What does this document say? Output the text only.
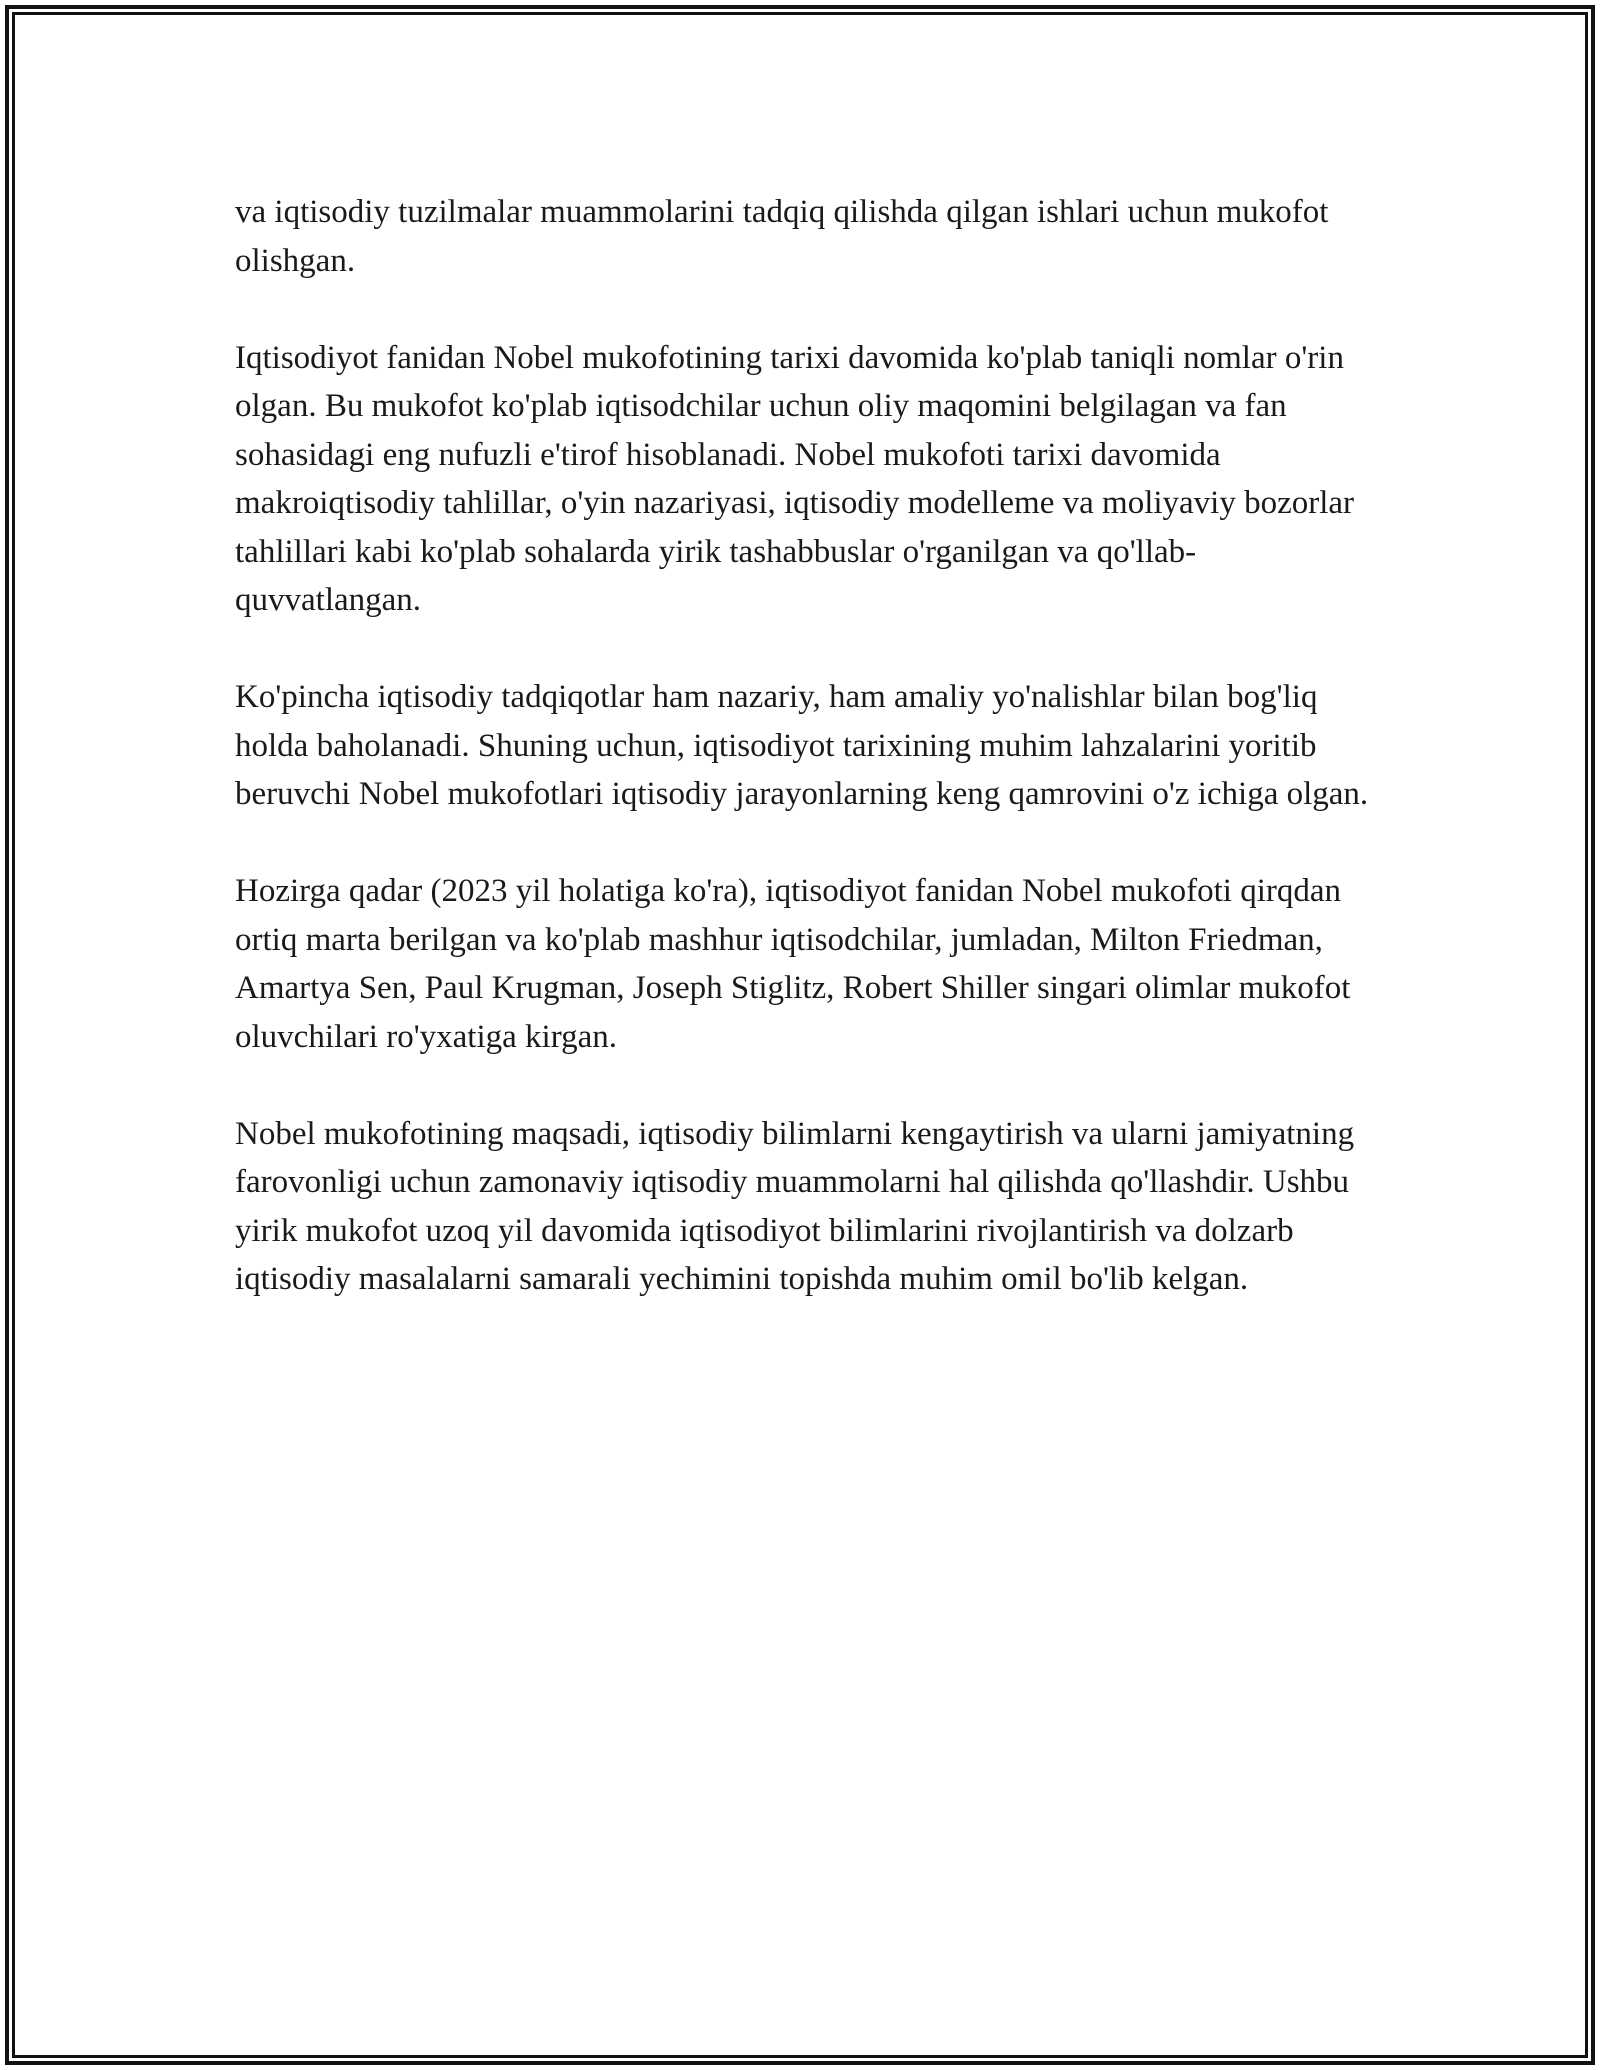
va iqtisodiy tuzilmalar muammolarini tadqiq qilishda qilgan ishlari uchun mukofot olishgan.

Iqtisodiyot fanidan Nobel mukofotining tarixi davomida ko'plab taniqli nomlar o'rin olgan. Bu mukofot ko'plab iqtisodchilar uchun oliy maqomini belgilagan va fan sohasidagi eng nufuzli e'tirof hisoblanadi. Nobel mukofoti tarixi davomida makroiqtisodiy tahlillar, o'yin nazariyasi, iqtisodiy modelleme va moliyaviy bozorlar tahlillari kabi ko'plab sohalarda yirik tashabbuslar o'rganilgan va qo'llab-quvvatlangan.

Ko'pincha iqtisodiy tadqiqotlar ham nazariy, ham amaliy yo'nalishlar bilan bog'liq holda baholanadi. Shuning uchun, iqtisodiyot tarixining muhim lahzalarini yoritib beruvchi Nobel mukofotlari iqtisodiy jarayonlarning keng qamrovini o'z ichiga olgan.

Hozirga qadar (2023 yil holatiga ko'ra), iqtisodiyot fanidan Nobel mukofoti qirqdan ortiq marta berilgan va ko'plab mashhur iqtisodchilar, jumladan, Milton Friedman, Amartya Sen, Paul Krugman, Joseph Stiglitz, Robert Shiller singari olimlar mukofot oluvchilari ro'yxatiga kirgan.

Nobel mukofotining maqsadi, iqtisodiy bilimlarni kengaytirish va ularni jamiyatning farovonligi uchun zamonaviy iqtisodiy muammolarni hal qilishda qo'llashdir. Ushbu yirik mukofot uzoq yil davomida iqtisodiyot bilimlarini rivojlantirish va dolzarb iqtisodiy masalalarni samarali yechimini topishda muhim omil bo'lib kelgan.
